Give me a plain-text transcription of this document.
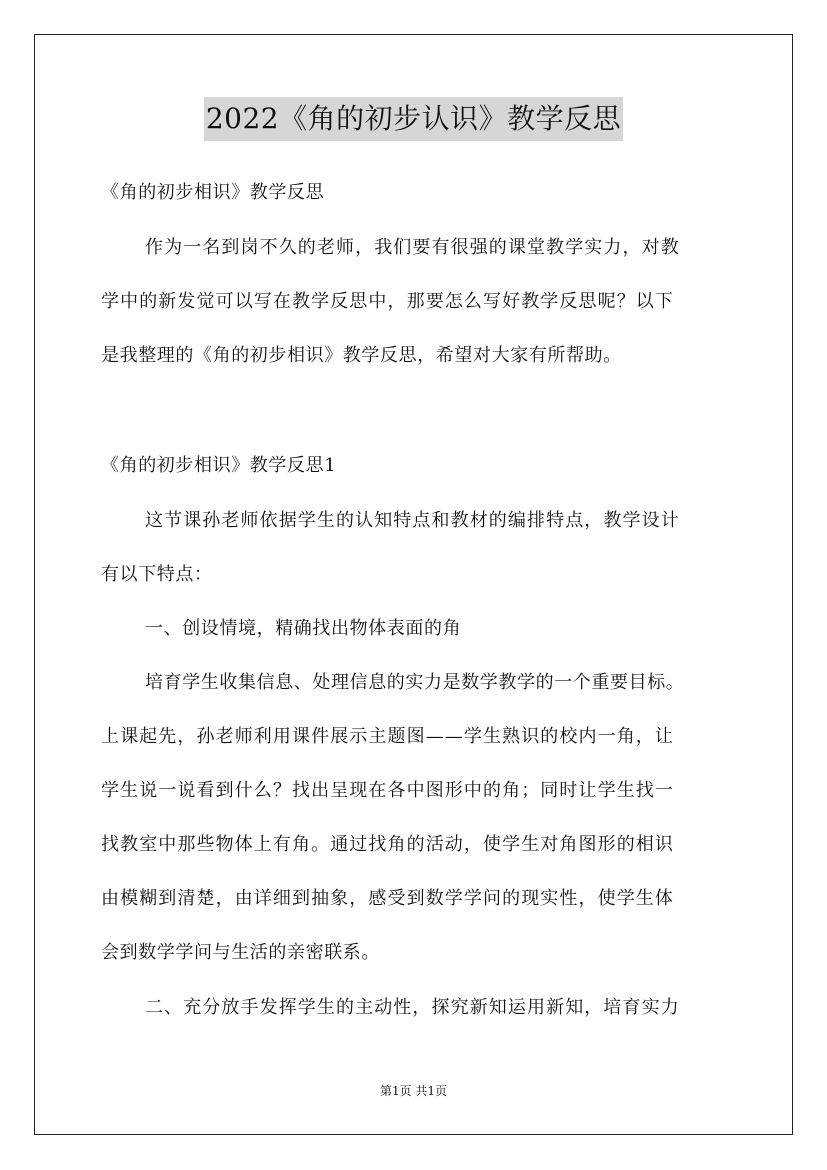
2022《角的初步认识》教学反思
《角的初步相识》教学反思
作为一名到岗不久的老师，我们要有很强的课堂教学实力，对教
学中的新发觉可以写在教学反思中，那要怎么写好教学反思呢？以下
是我整理的《角的初步相识》教学反思，希望对大家有所帮助。
《角的初步相识》教学反思1
这节课孙老师依据学生的认知特点和教材的编排特点，教学设计
有以下特点：
一、创设情境，精确找出物体表面的角
培育学生收集信息、处理信息的实力是数学教学的一个重要目标。
上课起先，孙老师利用课件展示主题图——学生熟识的校内一角，让
学生说一说看到什么？找出呈现在各中图形中的角；同时让学生找一
找教室中那些物体上有角。通过找角的活动，使学生对角图形的相识
由模糊到清楚，由详细到抽象，感受到数学学问的现实性，使学生体
会到数学学问与生活的亲密联系。
二、充分放手发挥学生的主动性，探究新知运用新知，培育实力
第1页 共1页
